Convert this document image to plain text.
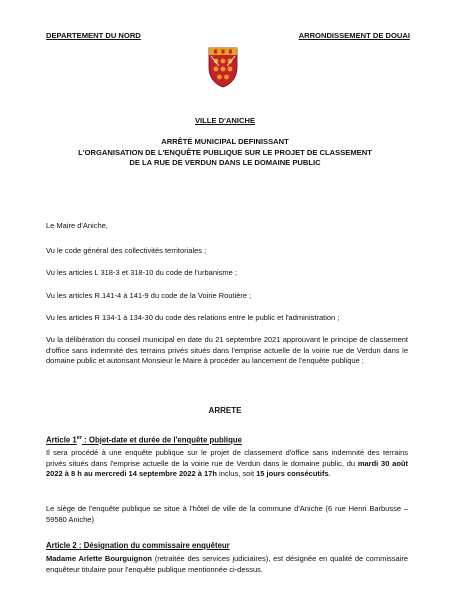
DEPARTEMENT DU NORD	ARRONDISSEMENT DE DOUAI
VILLE D'ANICHE
ARRÊTÉ MUNICIPAL DEFINISSANT
L'ORGANISATION DE L'ENQUÊTE PUBLIQUE SUR LE PROJET DE CLASSEMENT
DE LA RUE DE VERDUN DANS LE DOMAINE PUBLIC
Le Maire d'Aniche,
Vu le code général des collectivités territoriales ;
Vu les articles L 318-3 et 318-10 du code de l'urbanisme ;
Vu les articles R.141-4 à 141-9 du code de la Voirie Routière ;
Vu les articles R 134-1 à 134-30 du code des relations entre le public et l'administration ;
Vu la délibération du conseil municipal en date du 21 septembre 2021 approuvant le principe de classement d'office sans indemnité des terrains privés situés dans l'emprise actuelle de la voirie rue de Verdun dans le domaine public et autorisant Monsieur le Maire à procéder au lancement de l'enquête publique ;
ARRETE
Article 1er : Objet-date et durée de l'enquête publique
Il sera procédé à une enquête publique sur le projet de classement d'office sans indemnité des terrains privés situés dans l'emprise actuelle de la voirie rue de Verdun dans le domaine public, du mardi 30 août 2022 à 8 h au mercredi 14 septembre 2022 à 17h inclus, soit 15 jours consécutifs.
Le siège de l'enquête publique se situe à l'hôtel de ville de la commune d'Aniche (6 rue Henri Barbusse – 59580 Aniche)
Article 2 : Désignation du commissaire enquêteur
Madame Arlette Bourguignon (retraitée des services judiciaires), est désignée en qualité de commissaire enquêteur titulaire pour l'enquête publique mentionnée ci-dessus.
